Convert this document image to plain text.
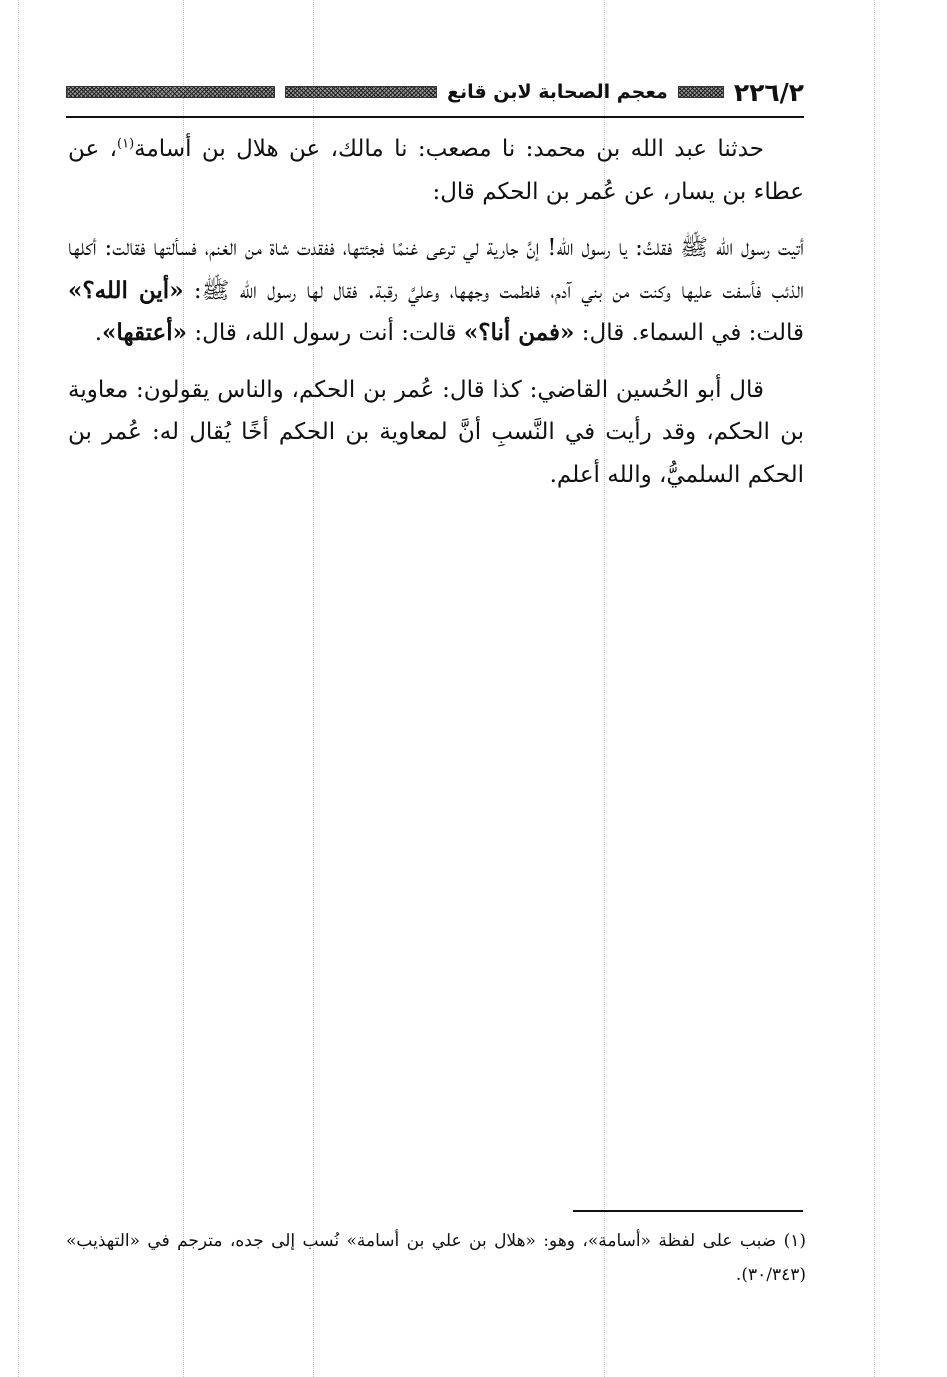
٢٢٦/٢
معجم الصحابة لابن قانع

حدثنا عبد الله بن محمد: نا مصعب: نا مالك، عن هلال بن أسامة$^{(١)}$، عن عطاء بن يسار، عن عُمر بن الحكم قال:

أتيت رسول الله ﷺ فقلتُ: يا رسول الله! إنَّ جارية لي ترعى غنمًا فجئتها، ففقدت شاة من الغنم، فسألتها فقالت: أكلها الذئب فأسفت عليها وكنت من بني آدم، فلطمت وجهها، وعليَّ رقبة. فقال لها رسول الله ﷺ: «أين الله؟» قالت: في السماء. قال: «فمن أنا؟» قالت: أنت رسول الله، قال: «أعتقها».

قال أبو الحُسين القاضي: كذا قال: عُمر بن الحكم، والناس يقولون: معاوية بن الحكم، وقد رأيت في النَّسبِ أنَّ لمعاوية بن الحكم أخًا يُقال له: عُمر بن الحكم السلميُّ، والله أعلم.

(١) ضبب على لفظة «أسامة»، وهو: «هلال بن علي بن أسامة» نُسب إلى جده، مترجم في «التهذيب» (٣٠/٣٤٣).
